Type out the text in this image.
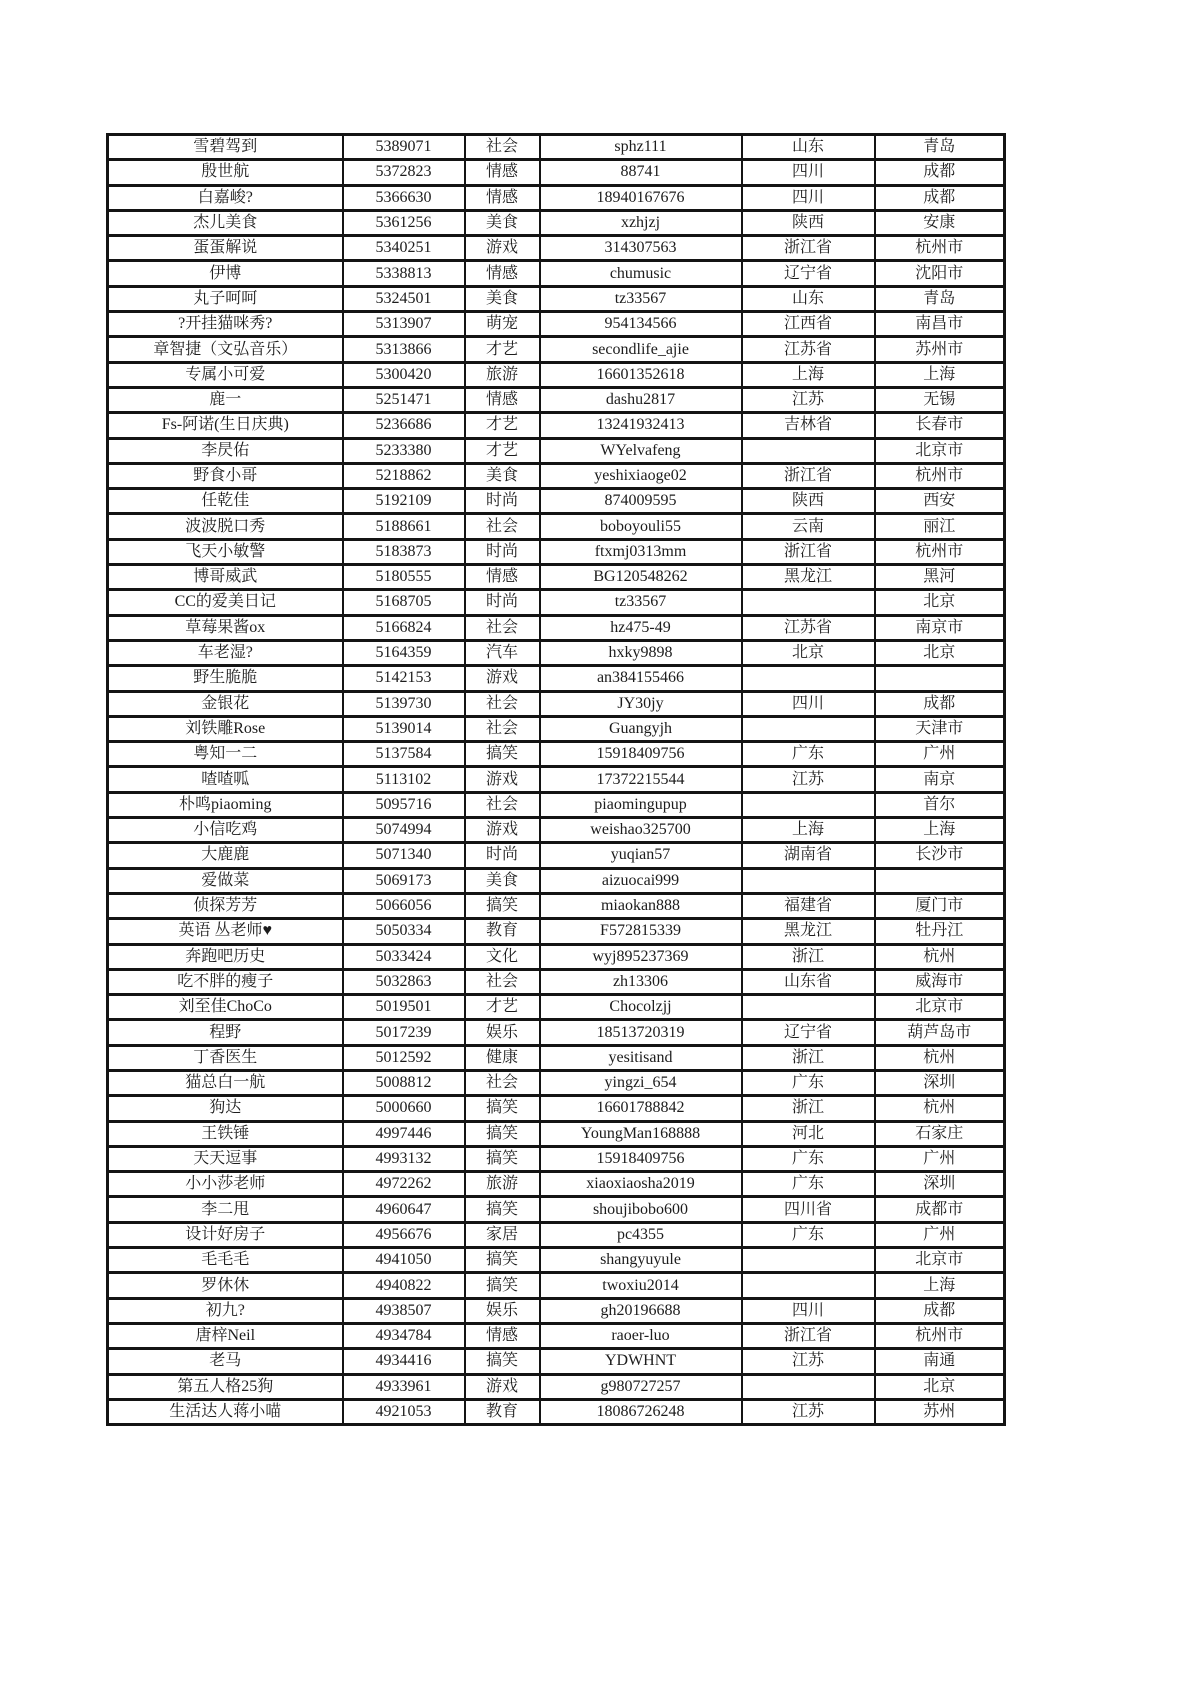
雪碧驾到	5389071	社会	sphz111	山东	青岛
殷世航	5372823	情感	88741	四川	成都
白嘉峻?	5366630	情感	18940167676	四川	成都
杰儿美食	5361256	美食	xzhjzj	陕西	安康
蛋蛋解说	5340251	游戏	314307563	浙江省	杭州市
伊博	5338813	情感	chumusic	辽宁省	沈阳市
丸子呵呵	5324501	美食	tz33567	山东	青岛
?开挂猫咪秀?	5313907	萌宠	954134566	江西省	南昌市
章智捷（文弘音乐）	5313866	才艺	secondlife_ajie	江苏省	苏州市
专属小可爱	5300420	旅游	16601352618	上海	上海
鹿一	5251471	情感	dashu2817	江苏	无锡
Fs-阿诺(生日庆典)	5236686	才艺	13241932413	吉林省	长春市
李昃佑	5233380	才艺	WYelvafeng		北京市
野食小哥	5218862	美食	yeshixiaoge02	浙江省	杭州市
任乾佳	5192109	时尚	874009595	陕西	西安
波波脱口秀	5188661	社会	boboyouli55	云南	丽江
飞天小敏警	5183873	时尚	ftxmj0313mm	浙江省	杭州市
博哥威武	5180555	情感	BG120548262	黑龙江	黑河
CC的爱美日记	5168705	时尚	tz33567		北京
草莓果酱ox	5166824	社会	hz475-49	江苏省	南京市
车老湿?	5164359	汽车	hxky9898	北京	北京
野生脆脆	5142153	游戏	an384155466		
金银花	5139730	社会	JY30jy	四川	成都
刘铁雕Rose	5139014	社会	Guangyjh		天津市
粤知一二	5137584	搞笑	15918409756	广东	广州
喳喳呱	5113102	游戏	17372215544	江苏	南京
朴鸣piaoming	5095716	社会	piaomingupup		首尔
小信吃鸡	5074994	游戏	weishao325700	上海	上海
大鹿鹿	5071340	时尚	yuqian57	湖南省	长沙市
爱做菜	5069173	美食	aizuocai999		
侦探芳芳	5066056	搞笑	miaokan888	福建省	厦门市
英语 丛老师♥	5050334	教育	F572815339	黑龙江	牡丹江
奔跑吧历史	5033424	文化	wyj895237369	浙江	杭州
吃不胖的瘦子	5032863	社会	zh13306	山东省	威海市
刘至佳ChoCo	5019501	才艺	Chocolzjj		北京市
程野	5017239	娱乐	18513720319	辽宁省	葫芦岛市
丁香医生	5012592	健康	yesitisand	浙江	杭州
猫总白一航	5008812	社会	yingzi_654	广东	深圳
狗达	5000660	搞笑	16601788842	浙江	杭州
王铁锤	4997446	搞笑	YoungMan168888	河北	石家庄
天天逗事	4993132	搞笑	15918409756	广东	广州
小小莎老师	4972262	旅游	xiaoxiaosha2019	广东	深圳
李二甩	4960647	搞笑	shoujibobo600	四川省	成都市
设计好房子	4956676	家居	pc4355	广东	广州
毛毛毛	4941050	搞笑	shangyuyule		北京市
罗休休	4940822	搞笑	twoxiu2014		上海
初九?	4938507	娱乐	gh20196688	四川	成都
唐梓Neil	4934784	情感	raoer-luo	浙江省	杭州市
老马	4934416	搞笑	YDWHNT	江苏	南通
第五人格25狗	4933961	游戏	g980727257		北京
生活达人蒋小喵	4921053	教育	18086726248	江苏	苏州
